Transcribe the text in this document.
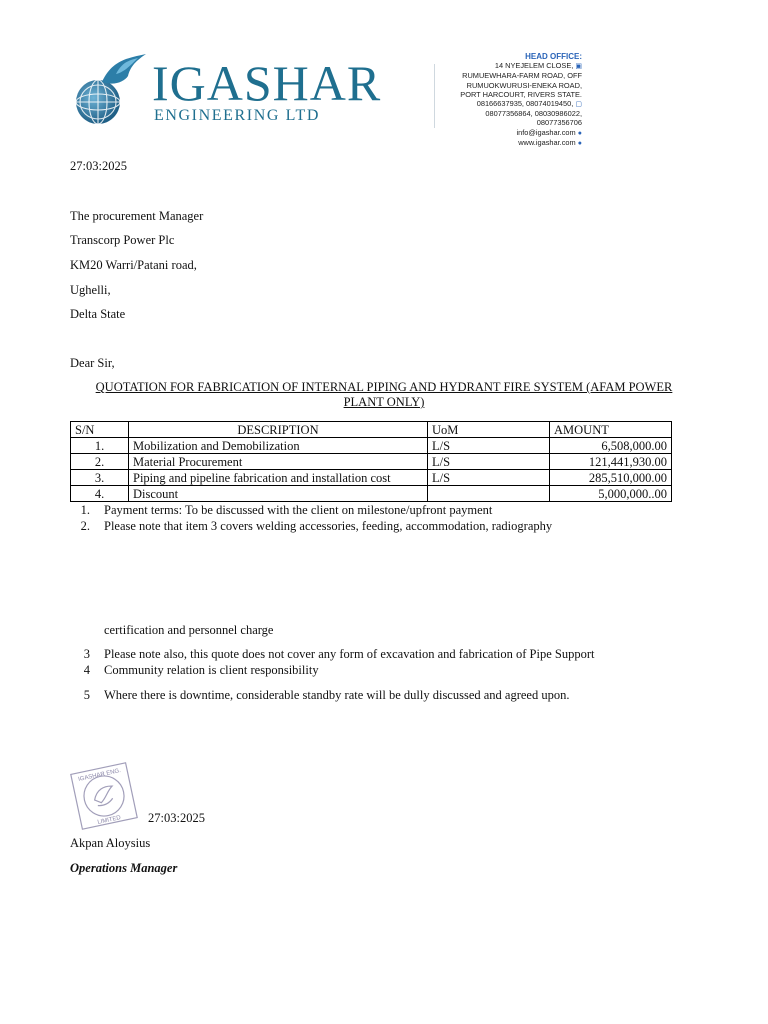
IGASHAR
ENGINEERING LTD
HEAD OFFICE:
14 NYEJELEM CLOSE, ▣
RUMUEWHARA-FARM ROAD, OFF
RUMUOKWURUSI-ENEKA ROAD,
PORT HARCOURT, RIVERS STATE.
08166637935, 08074019450, ▢
08077356864, 08030986022,
08077356706
info@igashar.com ●
www.igashar.com ●
27:03:2025
The procurement Manager
Transcorp Power Plc
KM20 Warri/Patani road,
Ughelli,
Delta State
Dear Sir,
QUOTATION FOR FABRICATION OF INTERNAL PIPING AND HYDRANT FIRE SYSTEM (AFAM POWER
PLANT ONLY)
S/N	DESCRIPTION	UoM	AMOUNT
1.	Mobilization and Demobilization	L/S	6,508,000.00
2.	Material Procurement	L/S	121,441,930.00
3.	Piping and pipeline fabrication and installation cost	L/S	285,510,000.00
4.	Discount		5,000,000..00
1. Payment terms: To be discussed with the client on milestone/upfront payment
2. Please note that item 3 covers welding accessories, feeding, accommodation, radiography
certification and personnel charge
3 Please note also, this quote does not cover any form of excavation and fabrication of Pipe Support
4 Community relation is client responsibility
5 Where there is downtime, considerable standby rate will be dully discussed and agreed upon.
IGASHAR ENG.
LIMITED 27:03:2025
Akpan Aloysius
Operations Manager
